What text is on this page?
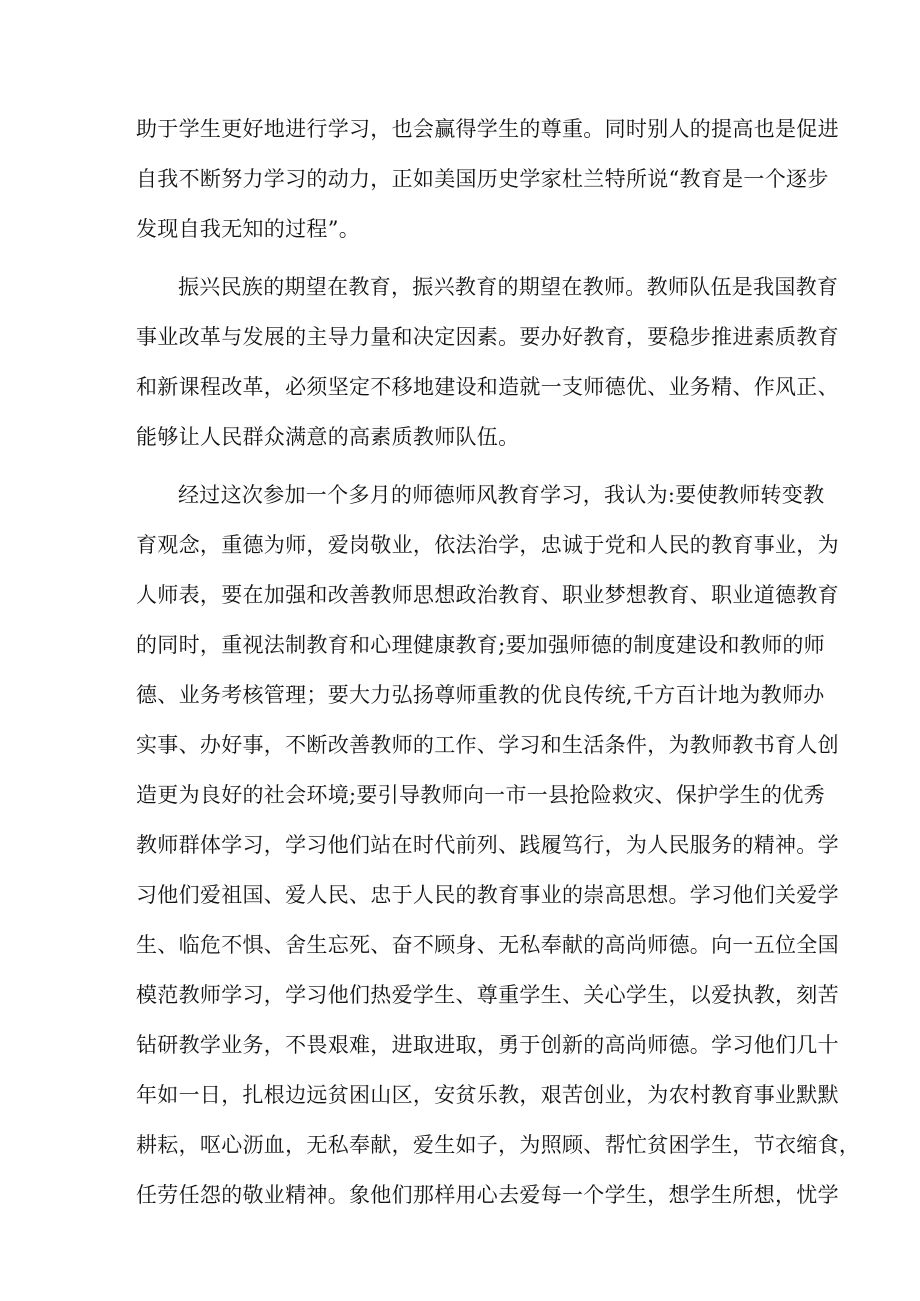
助于学生更好地进行学习，也会赢得学生的尊重。同时别人的提高也是促进
自我不断努力学习的动力，正如美国历史学家杜兰特所说“教育是一个逐步
发现自我无知的过程”。
振兴民族的期望在教育，振兴教育的期望在教师。教师队伍是我国教育
事业改革与发展的主导力量和决定因素。要办好教育，要稳步推进素质教育
和新课程改革，必须坚定不移地建设和造就一支师德优、业务精、作风正、
能够让人民群众满意的高素质教师队伍。
经过这次参加一个多月的师德师风教育学习，我认为:要使教师转变教
育观念，重德为师，爱岗敬业，依法治学，忠诚于党和人民的教育事业，为
人师表，要在加强和改善教师思想政治教育、职业梦想教育、职业道德教育
的同时，重视法制教育和心理健康教育;要加强师德的制度建设和教师的师
德、业务考核管理；要大力弘扬尊师重教的优良传统,千方百计地为教师办
实事、办好事，不断改善教师的工作、学习和生活条件，为教师教书育人创
造更为良好的社会环境;要引导教师向一市一县抢险救灾、保护学生的优秀
教师群体学习，学习他们站在时代前列、践履笃行，为人民服务的精神。学
习他们爱祖国、爱人民、忠于人民的教育事业的崇高思想。学习他们关爱学
生、临危不惧、舍生忘死、奋不顾身、无私奉献的高尚师德。向一五位全国
模范教师学习，学习他们热爱学生、尊重学生、关心学生，以爱执教，刻苦
钻研教学业务，不畏艰难，进取进取，勇于创新的高尚师德。学习他们几十
年如一日，扎根边远贫困山区，安贫乐教，艰苦创业，为农村教育事业默默
耕耘，呕心沥血，无私奉献，爱生如子，为照顾、帮忙贫困学生，节衣缩食，
任劳任怨的敬业精神。象他们那样用心去爱每一个学生，想学生所想，忧学
